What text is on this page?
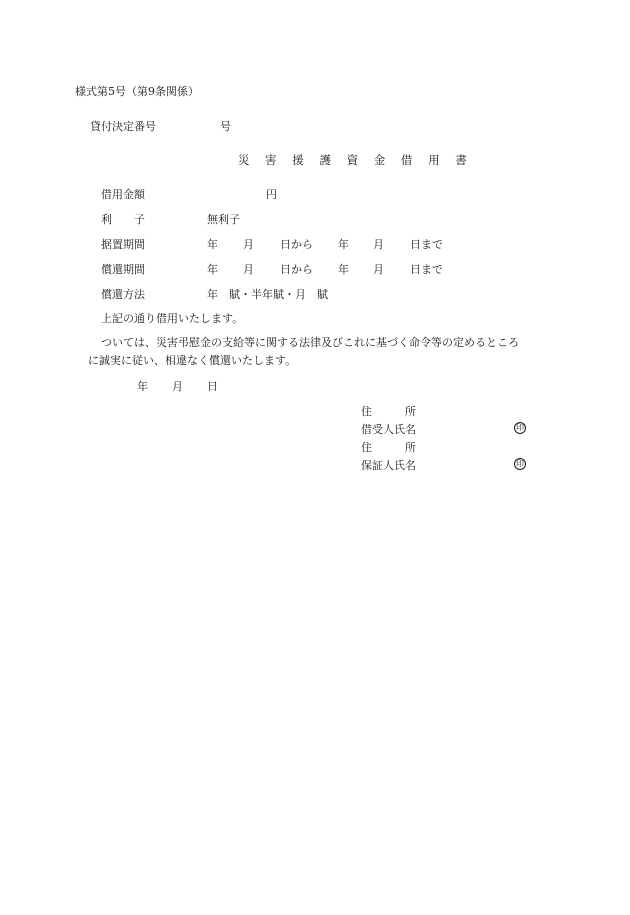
様式第5号（第9条関係）
貸付決定番号	号
災 害 援 護 資 金 借 用 書
借用金額	円
利　　子	無利子
据置期間	年 月 日から 年 月 日まで
償還期間	年 月 日から 年 月 日まで
償還方法	年　賦・半年賦・月　賦
上記の通り借用いたします。
ついては、災害弔慰金の支給等に関する法律及びこれに基づく命令等の定めるところ
に誠実に従い、相違なく償還いたします。
年 月 日
住　　　所
借受人氏名	印
住　　　所
保証人氏名	印
